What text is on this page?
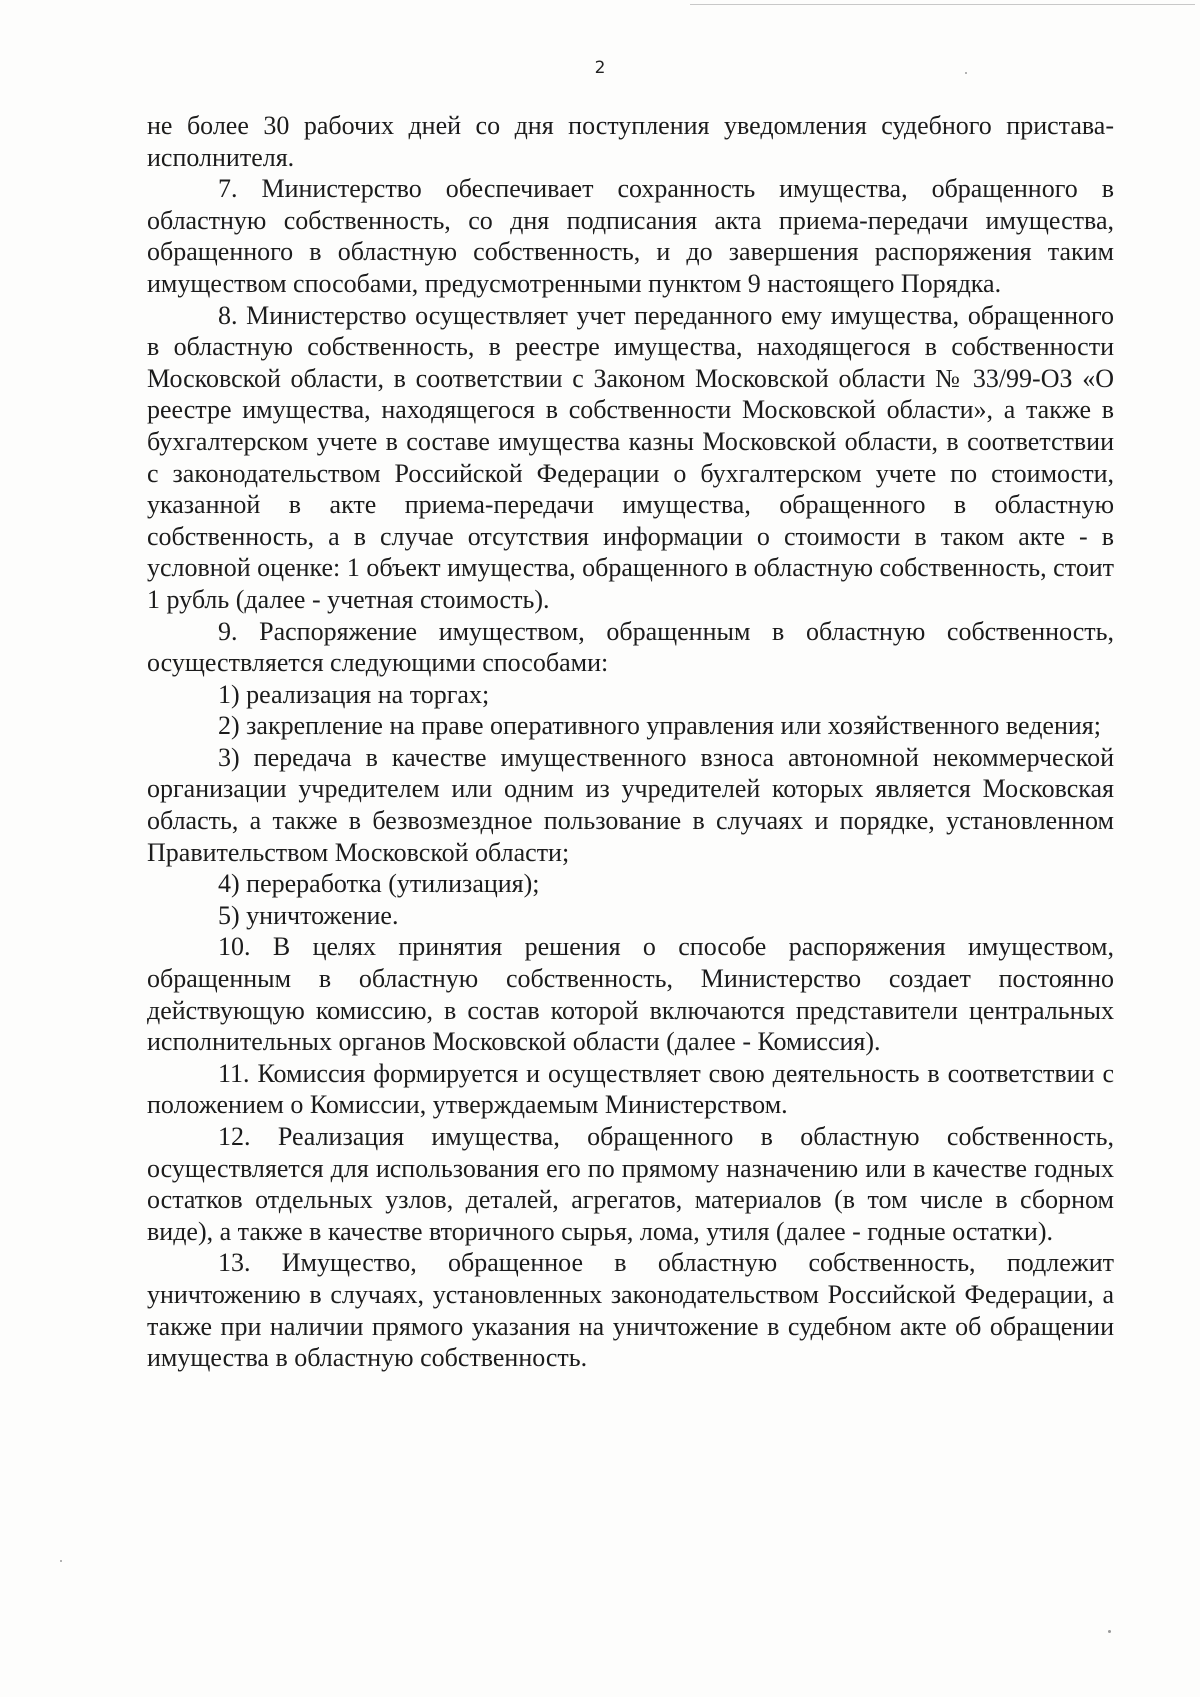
2

не более 30 рабочих дней со дня поступления уведомления судебного пристава-исполнителя.

7. Министерство обеспечивает сохранность имущества, обращенного в областную собственность, со дня подписания акта приема-передачи имущества, обращенного в областную собственность, и до завершения распоряжения таким имуществом способами, предусмотренными пунктом 9 настоящего Порядка.

8. Министерство осуществляет учет переданного ему имущества, обращенного в областную собственность, в реестре имущества, находящегося в собственности Московской области, в соответствии с Законом Московской области № 33/99-ОЗ «О реестре имущества, находящегося в собственности Московской области», а также в бухгалтерском учете в составе имущества казны Московской области, в соответствии с законодательством Российской Федерации о бухгалтерском учете по стоимости, указанной в акте приема-передачи имущества, обращенного в областную собственность, а в случае отсутствия информации о стоимости в таком акте - в условной оценке: 1 объект имущества, обращенного в областную собственность, стоит 1 рубль (далее - учетная стоимость).

9. Распоряжение имуществом, обращенным в областную собственность, осуществляется следующими способами:

1) реализация на торгах;

2) закрепление на праве оперативного управления или хозяйственного ведения;

3) передача в качестве имущественного взноса автономной некоммерческой организации учредителем или одним из учредителей которых является Московская область, а также в безвозмездное пользование в случаях и порядке, установленном Правительством Московской области;

4) переработка (утилизация);

5) уничтожение.

10. В целях принятия решения о способе распоряжения имуществом, обращенным в областную собственность, Министерство создает постоянно действующую комиссию, в состав которой включаются представители центральных исполнительных органов Московской области (далее - Комиссия).

11. Комиссия формируется и осуществляет свою деятельность в соответствии с положением о Комиссии, утверждаемым Министерством.

12. Реализация имущества, обращенного в областную собственность, осуществляется для использования его по прямому назначению или в качестве годных остатков отдельных узлов, деталей, агрегатов, материалов (в том числе в сборном виде), а также в качестве вторичного сырья, лома, утиля (далее - годные остатки).

13. Имущество, обращенное в областную собственность, подлежит уничтожению в случаях, установленных законодательством Российской Федерации, а также при наличии прямого указания на уничтожение в судебном акте об обращении имущества в областную собственность.
